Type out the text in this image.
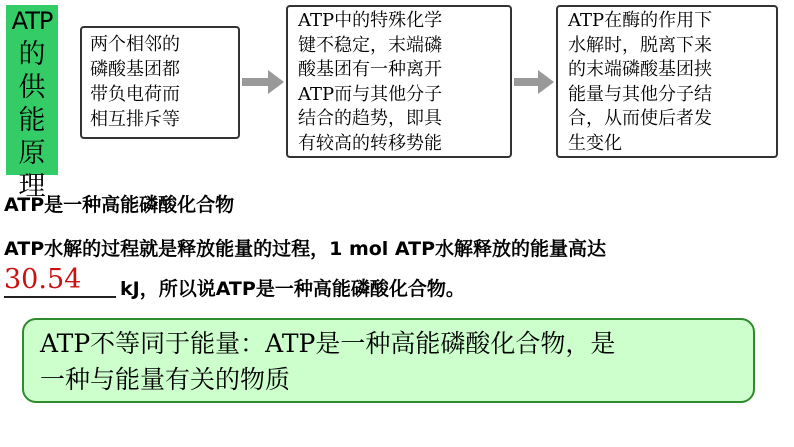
ATP
的
供
能
原
理

两个相邻的
磷酸基团都
带负电荷而
相互排斥等

ATP中的特殊化学
键不稳定，末端磷
酸基团有一种离开
ATP而与其他分子
结合的趋势，即具
有较高的转移势能

ATP在酶的作用下
水解时，脱离下来
的末端磷酸基团挟
能量与其他分子结
合，从而使后者发
生变化

ATP是一种高能磷酸化合物
ATP水解的过程就是释放能量的过程，1 mol ATP水解释放的能量高达
30.54	kJ，所以说ATP是一种高能磷酸化合物。

ATP不等同于能量：ATP是一种高能磷酸化合物，是

一种与能量有关的物质
